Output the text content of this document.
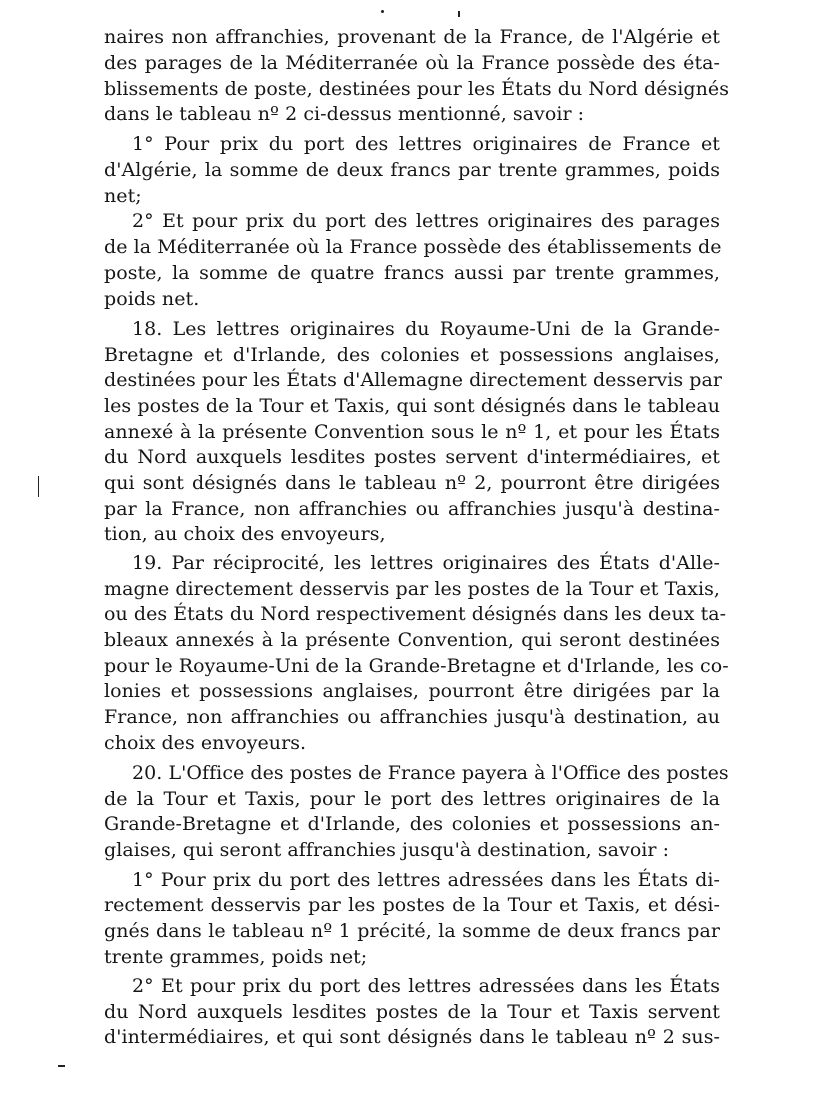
naires non affranchies, provenant de la France, de l'Algérie et
des parages de la Méditerranée où la France possède des éta-
blissements de poste, destinées pour les États du Nord désignés
dans le tableau nº 2 ci-dessus mentionné, savoir :
1° Pour prix du port des lettres originaires de France et
d'Algérie, la somme de deux francs par trente grammes, poids
net;
2° Et pour prix du port des lettres originaires des parages
de la Méditerranée où la France possède des établissements de
poste, la somme de quatre francs aussi par trente grammes,
poids net.
18. Les lettres originaires du Royaume-Uni de la Grande-
Bretagne et d'Irlande, des colonies et possessions anglaises,
destinées pour les États d'Allemagne directement desservis par
les postes de la Tour et Taxis, qui sont désignés dans le tableau
annexé à la présente Convention sous le nº 1, et pour les États
du Nord auxquels lesdites postes servent d'intermédiaires, et
qui sont désignés dans le tableau nº 2, pourront être dirigées
par la France, non affranchies ou affranchies jusqu'à destina-
tion, au choix des envoyeurs,
19. Par réciprocité, les lettres originaires des États d'Alle-
magne directement desservis par les postes de la Tour et Taxis,
ou des États du Nord respectivement désignés dans les deux ta-
bleaux annexés à la présente Convention, qui seront destinées
pour le Royaume-Uni de la Grande-Bretagne et d'Irlande, les co-
lonies et possessions anglaises, pourront être dirigées par la
France, non affranchies ou affranchies jusqu'à destination, au
choix des envoyeurs.
20. L'Office des postes de France payera à l'Office des postes
de la Tour et Taxis, pour le port des lettres originaires de la
Grande-Bretagne et d'Irlande, des colonies et possessions an-
glaises, qui seront affranchies jusqu'à destination, savoir :
1° Pour prix du port des lettres adressées dans les États di-
rectement desservis par les postes de la Tour et Taxis, et dési-
gnés dans le tableau nº 1 précité, la somme de deux francs par
trente grammes, poids net;
2° Et pour prix du port des lettres adressées dans les États
du Nord auxquels lesdites postes de la Tour et Taxis servent
d'intermédiaires, et qui sont désignés dans le tableau nº 2 sus-
